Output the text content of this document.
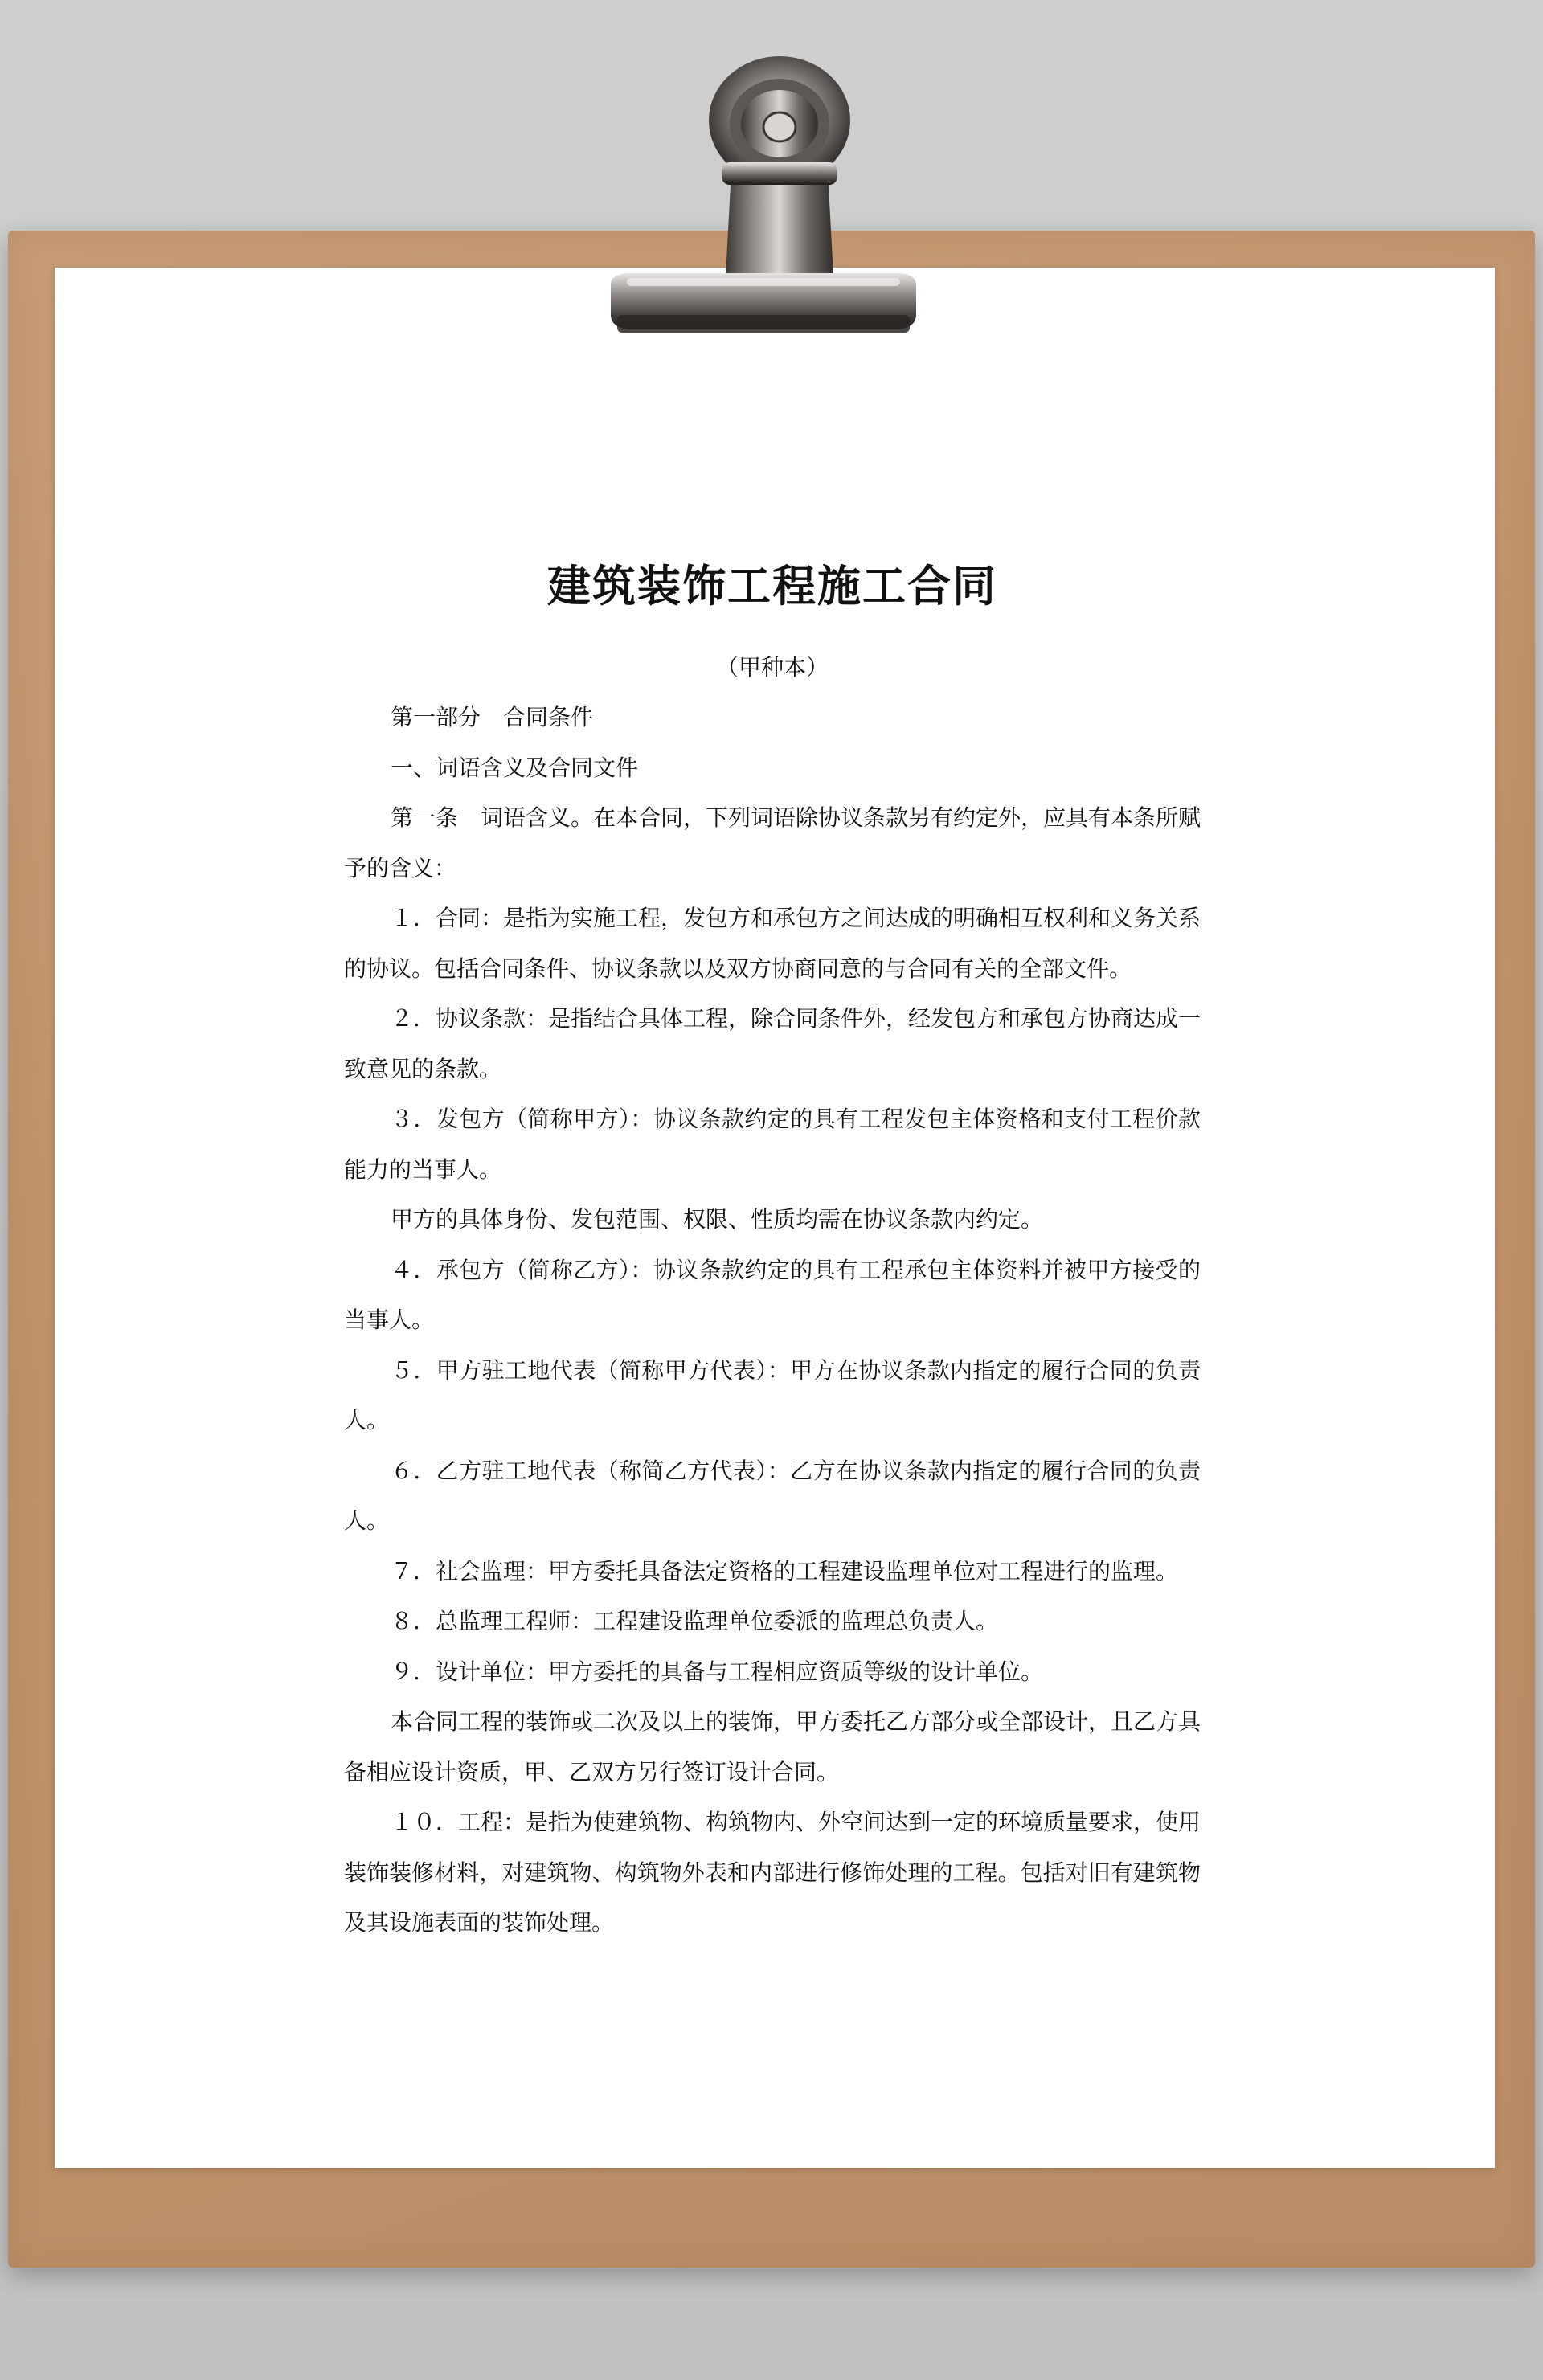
建筑装饰工程施工合同

（甲种本）

第一部分　合同条件

一、词语含义及合同文件

第一条　词语含义。在本合同，下列词语除协议条款另有约定外，应具有本条所赋予的含义：

１．合同：是指为实施工程，发包方和承包方之间达成的明确相互权利和义务关系的协议。包括合同条件、协议条款以及双方协商同意的与合同有关的全部文件。

２．协议条款：是指结合具体工程，除合同条件外，经发包方和承包方协商达成一致意见的条款。

３．发包方（简称甲方）：协议条款约定的具有工程发包主体资格和支付工程价款能力的当事人。

甲方的具体身份、发包范围、权限、性质均需在协议条款内约定。

４．承包方（简称乙方）：协议条款约定的具有工程承包主体资料并被甲方接受的当事人。

５．甲方驻工地代表（简称甲方代表）：甲方在协议条款内指定的履行合同的负责人。

６．乙方驻工地代表（称简乙方代表）：乙方在协议条款内指定的履行合同的负责人。

７．社会监理：甲方委托具备法定资格的工程建设监理单位对工程进行的监理。

８．总监理工程师：工程建设监理单位委派的监理总负责人。

９．设计单位：甲方委托的具备与工程相应资质等级的设计单位。

本合同工程的装饰或二次及以上的装饰，甲方委托乙方部分或全部设计，且乙方具备相应设计资质，甲、乙双方另行签订设计合同。

１０．工程：是指为使建筑物、构筑物内、外空间达到一定的环境质量要求，使用装饰装修材料，对建筑物、构筑物外表和内部进行修饰处理的工程。包括对旧有建筑物及其设施表面的装饰处理。
